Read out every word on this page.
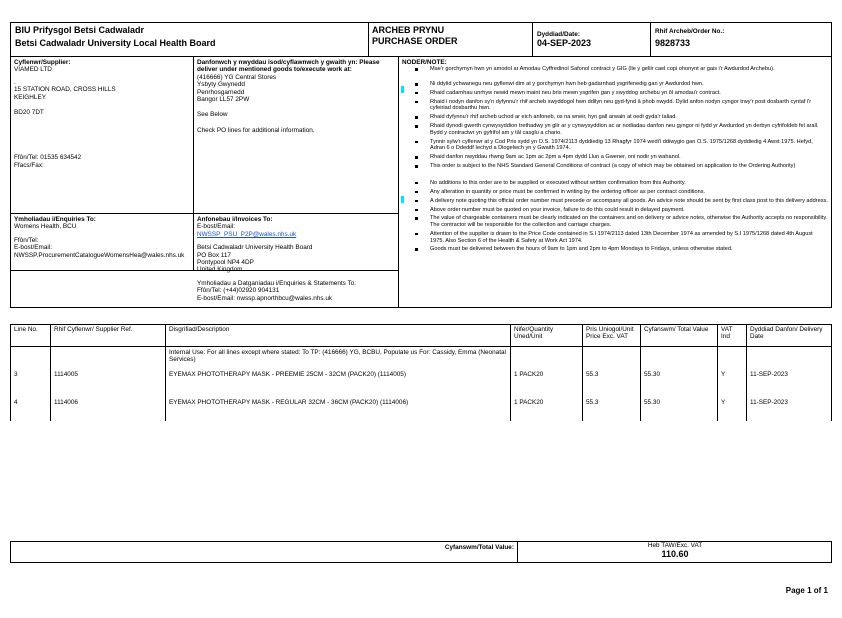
BIU Prifysgol Betsi Cadwaladr
Betsi Cadwaladr University Local Health Board
ARCHEB PRYNU
PURCHASE ORDER
Dyddiad/Date:
04-SEP-2023
Rhif Archeb/Order No.:
9828733
Cyflenwr/Supplier:
VIAMED LTD
.
15 STATION ROAD, CROSS HILLS
KEIGHLEY
BD20 7DT
Ffôn/Tel: 01535 634542
Ffacs/Fax:
Danfonwch y nwyddau isod/cyflawnwch y gwaith yn: Please deliver under mentioned goods to/execute work at:
(416666) YG Central Stores
Ysbyty Gwynedd
Penrhosgarnedd
Bangor LL57 2PW
See Below
Check PO lines for additional information.
Ymholiadau i/Enquiries To:
Womens Health, BCU
Ffôn/Tel:
E-bost/Email:
NWSSP.ProcurementCatalogueWomensHea@wales.nhs.uk
Anfonebau i/Invoices To:
E-bost/Email:
NWSSP_PSU_P2P@wales.nhs.uk
Betsi Cadwaladr University Health Board
PO Box 117
Pontypool NP4 4DP
United Kingdom
Ymholiadau a Datganiadau i/Enquiries & Statements To:
Ffôn/Tel: (+44)02920 904131
E-bost/Email: nwssp.apnorthbcu@wales.nhs.uk
NODER/NOTE:
Mae'r gorchymyn hwn yn amodol ar Amodau Cyffredinol Safonol contract y GIG (lle y gellir cael copi ohonynt ar gais i'r Awdurdod Archebu).
Ni ddylid ychwanegu neu gyflenwi dim at y gorchymyn hwn heb gadarnhad ysgrifenedig gan yr Awdurdod hwn.
Rhaid cadarnhau unrhyw newid mewn maint neu bris mewn ysgrifen gan y swyddog archebu yn ôl amodau'r contract.
Rhaid i nodyn danfon sy'n dyfynnu'r rhif archeb swyddogol hwn ddilyn neu gyd-fynd â phob nwydd. Dylid anfon nodyn cyngor trwy'r post dosbarth cyntaf i'r cyfeiriad dosbarthu hwn.
Rhaid dyfynnu'r rhif archeb uchod ar eich anfoneb, os na wneir, hyn gall arwain at oedi gyda'r taliad.
Rhaid dynodi gwerth cynwysyddion trethadwy yn glir ar y cynwysyddion ac ar nodiadau danfon neu gyngor ni fydd yr Awdurdod yn derbyn cyfrifoldeb fel arall. Bydd y contractwr yn gyfrifol am y tâl casglu a chario.
Tynnir sylw'r cyflenwr at y Cod Pris sydd yn O.S. 1974/2113 dyddiedig 13 Rhagfyr 1974 wedi'i ddiwygio gan O.S. 1975/1268 dyddiedig 4 Awst 1975. Hefyd, Adran 6 o Ddeddf Iechyd a Diogelwch yn y Gwaith 1974.
Rhaid danfon nwyddau rhwng 9am ac 1pm ac 2pm a 4pm dydd Llun a Gwener, oni nodir yn wahanol.
This order is subject to the NHS Standard General Conditions of contract (a copy of which may be obtained on application to the Ordering Authority)
No additions to this order are to be supplied or executed without written confirmation from this Authority.
Any alteration in quantity or price must be confirmed in writing by the ordering officer as per contract conditions.
A delivery note quoting this official order number must precede or accompany all goods. An advice note should be sent by first class post to this delivery address.
Above order number must be quoted on your invoice, failure to do this could result in delayed payment.
The value of chargeable containers must be clearly indicated on the containers and on delivery or advice notes, otherwise the Authority accepts no responsibility. The contractor will be responsible for the collection and carriage charges.
Attention of the supplier is drawn to the Price Code contained in S.I 1974/2113 dated 13th December 1974 as amended by S.I 1975/1268 dated 4th August 1975. Also Section 6 of the Health & Safety at Work Act 1974.
Goods must be delivered between the hours of 9am to 1pm and 2pm to 4pm Mondays to Fridays, unless otherwise stated.
Line No.	Rhif Cyflenwr/ Supplier Ref.	Disgrifiad/Description	Nifer/Quantity Uned/Unit	Pris Uniogol/Unit Price Exc. VAT	Cyfanswm/ Total Value	VAT Ind	Dyddiad Danfon/ Delivery Date
		Internal Use: For all lines except where stated: To TP: (416666) YG, BCBU, Populate us For: Cassidy, Emma (Neonatal Services)					
3	1114005	EYEMAX PHOTOTHERAPY MASK - PREEMIE 25CM - 32CM (PACK20) (1114005)	1 PACK20	55.3	55.30	Y	11-SEP-2023
4	1114006	EYEMAX PHOTOTHERAPY MASK - REGULAR 32CM - 36CM (PACK20) (1114006)	1 PACK20	55.3	55.30	Y	11-SEP-2023
Cyfanswm/Total Value:	Heb TAW/Exc. VAT
110.60
Page 1 of 1
